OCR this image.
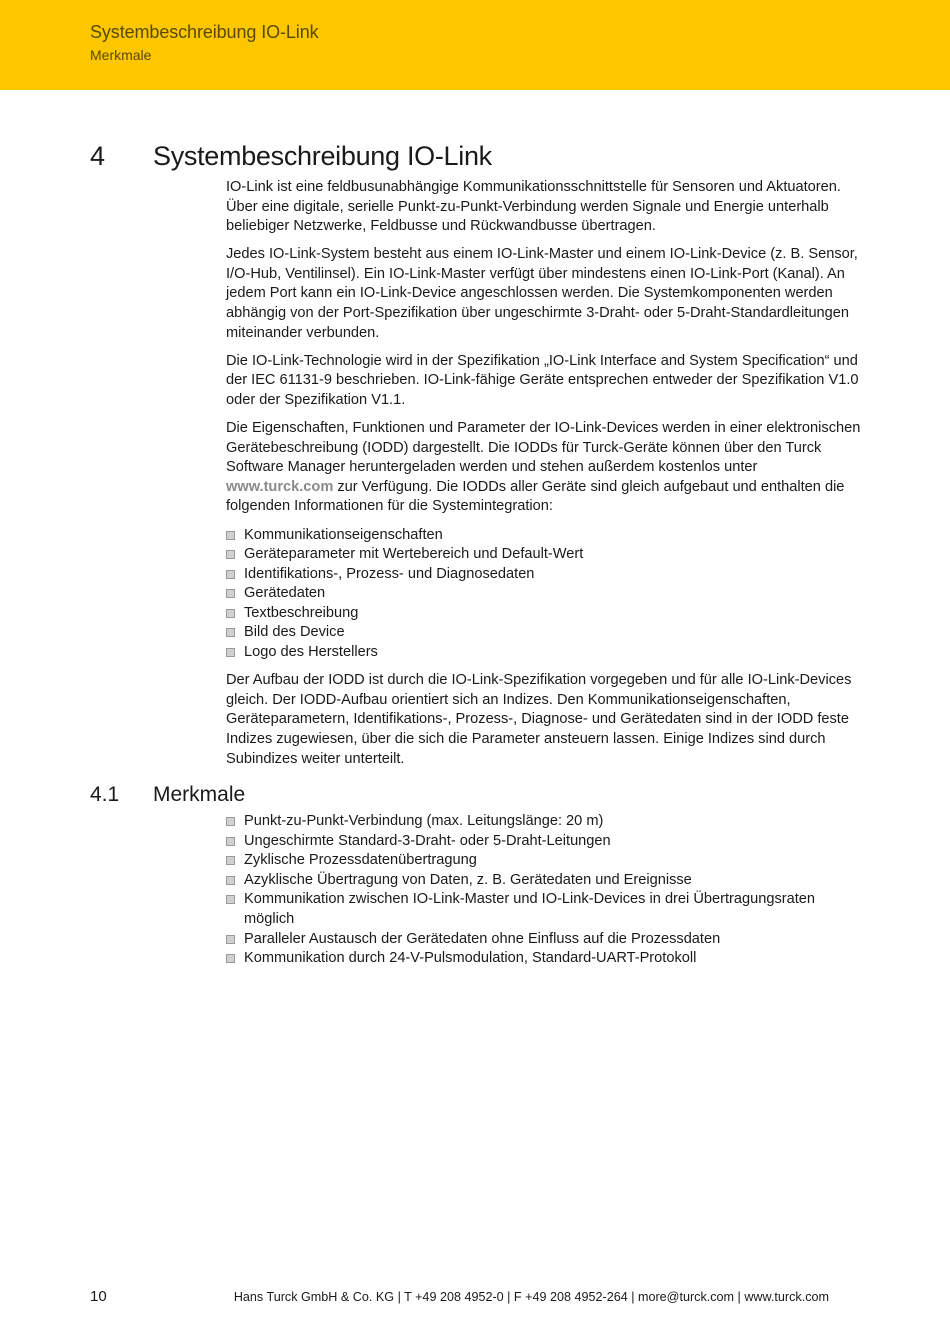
Systembeschreibung IO-Link
Merkmale
4	Systembeschreibung IO-Link

IO-Link ist eine feldbusunabhängige Kommunikationsschnittstelle für Sensoren und Aktuatoren. Über eine digitale, serielle Punkt-zu-Punkt-Verbindung werden Signale und Energie unterhalb beliebiger Netzwerke, Feldbusse und Rückwandbusse übertragen.

Jedes IO-Link-System besteht aus einem IO-Link-Master und einem IO-Link-Device (z. B. Sensor, I/O-Hub, Ventilinsel). Ein IO-Link-Master verfügt über mindestens einen IO-Link-Port (Kanal). An jedem Port kann ein IO-Link-Device angeschlossen werden. Die Systemkomponenten werden abhängig von der Port-Spezifikation über ungeschirmte 3-Draht- oder 5-Draht-Standardleitungen miteinander verbunden.

Die IO-Link-Technologie wird in der Spezifikation „IO-Link Interface and System Specification“ und der IEC 61131-9 beschrieben. IO-Link-fähige Geräte entsprechen entweder der Spezifikation V1.0 oder der Spezifikation V1.1.

Die Eigenschaften, Funktionen und Parameter der IO-Link-Devices werden in einer elektronischen Gerätebeschreibung (IODD) dargestellt. Die IODDs für Turck-Geräte können über den Turck Software Manager heruntergeladen werden und stehen außerdem kostenlos unter www.turck.com zur Verfügung. Die IODDs aller Geräte sind gleich aufgebaut und enthalten die folgenden Informationen für die Systemintegration:

Kommunikationseigenschaften
Geräteparameter mit Wertebereich und Default-Wert
Identifikations-, Prozess- und Diagnosedaten
Gerätedaten
Textbeschreibung
Bild des Device
Logo des Herstellers

Der Aufbau der IODD ist durch die IO-Link-Spezifikation vorgegeben und für alle IO-Link-Devices gleich. Der IODD-Aufbau orientiert sich an Indizes. Den Kommunikationseigenschaften, Geräteparametern, Identifikations-, Prozess-, Diagnose- und Gerätedaten sind in der IODD feste Indizes zugewiesen, über die sich die Parameter ansteuern lassen. Einige Indizes sind durch Subindizes weiter unterteilt.

4.1 Merkmale
Punkt-zu-Punkt-Verbindung (max. Leitungslänge: 20 m)
Ungeschirmte Standard-3-Draht- oder 5-Draht-Leitungen
Zyklische Prozessdatenübertragung
Azyklische Übertragung von Daten, z. B. Gerätedaten und Ereignisse
Kommunikation zwischen IO-Link-Master und IO-Link-Devices in drei Übertragungsraten möglich
Paralleler Austausch der Gerätedaten ohne Einfluss auf die Prozessdaten
Kommunikation durch 24-V-Pulsmodulation, Standard-UART-Protokoll
10	Hans Turck GmbH & Co. KG | T +49 208 4952-0 | F +49 208 4952-264 | more@turck.com | www.turck.com
